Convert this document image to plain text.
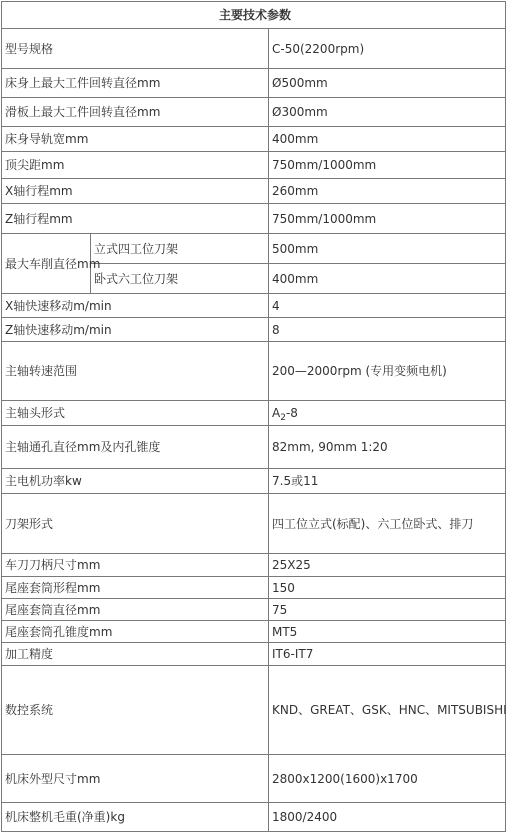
主要技术参数		
型号规格		C-50(2200rpm)
床身上最大工件回转直径mm		Ø500mm
滑板上最大工件回转直径mm		Ø300mm
床身导轨宽mm		400mm
顶尖距mm		750mm/1000mm
X轴行程mm		260mm
Z轴行程mm		750mm/1000mm
最大车削直径mm	立式四工位刀架	500mm
	卧式六工位刀架	400mm
X轴快速移动m/min		4
Z轴快速移动m/min		8
主轴转速范围		200—2000rpm (专用变频电机)
主轴头形式		$A_2-8$
主轴通孔直径mm及内孔锥度		82mm, 90mm 1:20
主电机功率kw		7.5或11
刀架形式		四工位立式(标配)、六工位卧式、排刀
车刀刀柄尺寸mm		25X25
尾座套筒形程mm		150
尾座套筒直径mm		75
尾座套筒孔锥度mm		MT5
加工精度		IT6-IT7
数控系统		KND、GREAT、GSK、HNC、MITSUBISHI
机床外型尺寸mm		2800x1200(1600)x1700
机床整机毛重(净重)kg		1800/2400
